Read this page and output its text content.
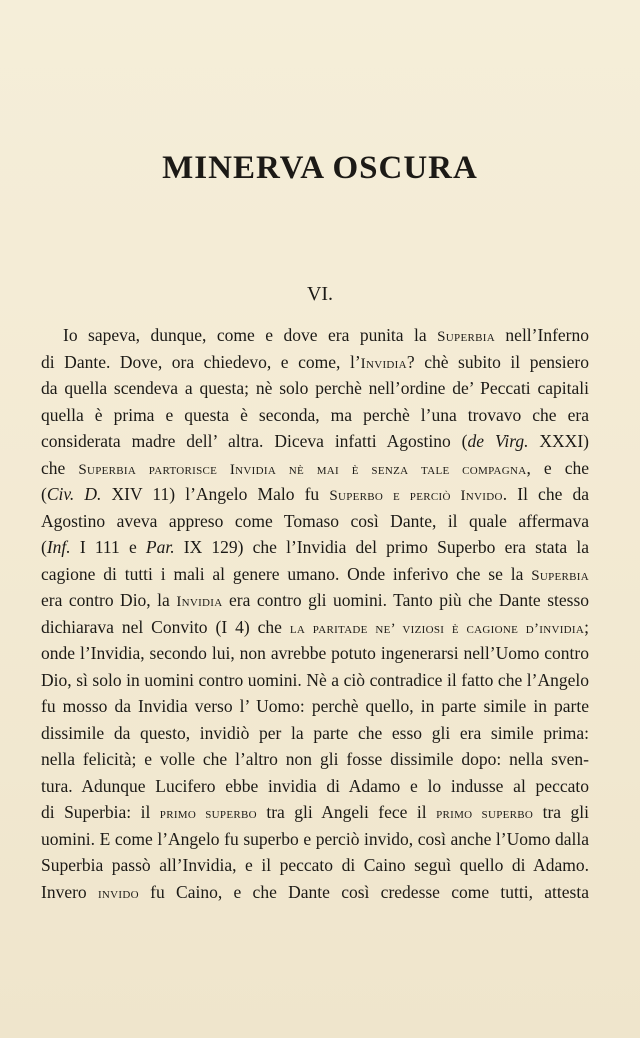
MINERVA OSCURA
VI.
Io sapeva, dunque, come e dove era punita la Superbia nell’Inferno
di Dante. Dove, ora chiedevo, e come, l’Invidia? chè subito il pensiero
da quella scendeva a questa; nè solo perchè nell’ordine de’ Peccati capitali
quella è prima e questa è seconda, ma perchè l’una trovavo che era
considerata madre dell’ altra. Diceva infatti Agostino (de Virg. XXXI)
che Superbia partorisce Invidia nè mai è senza tale compagna, e che
(Civ. D. XIV 11) l’Angelo Malo fu Superbo e perciò Invido. Il che da
Agostino aveva appreso come Tomaso così Dante, il quale affermava
(Inf. I 111 e Par. IX 129) che l’Invidia del primo Superbo era stata la
cagione di tutti i mali al genere umano. Onde inferivo che se la Superbia
era contro Dio, la Invidia era contro gli uomini. Tanto più che Dante stesso
dichiarava nel Convito (I 4) che la paritade ne’ viziosi è cagione d’invidia;
onde l’Invidia, secondo lui, non avrebbe potuto ingenerarsi nell’Uomo contro
Dio, sì solo in uomini contro uomini. Nè a ciò contradice il fatto che l’Angelo
fu mosso da Invidia verso l’ Uomo: perchè quello, in parte simile in parte
dissimile da questo, invidiò per la parte che esso gli era simile prima:
nella felicità; e volle che l’altro non gli fosse dissimile dopo: nella sven-
tura. Adunque Lucifero ebbe invidia di Adamo e lo indusse al peccato
di Superbia: il primo superbo tra gli Angeli fece il primo superbo tra gli
uomini. E come l’Angelo fu superbo e perciò invido, così anche l’Uomo dalla
Superbia passò all’Invidia, e il peccato di Caino seguì quello di Adamo.
Invero invido fu Caino, e che Dante così credesse come tutti, attesta
